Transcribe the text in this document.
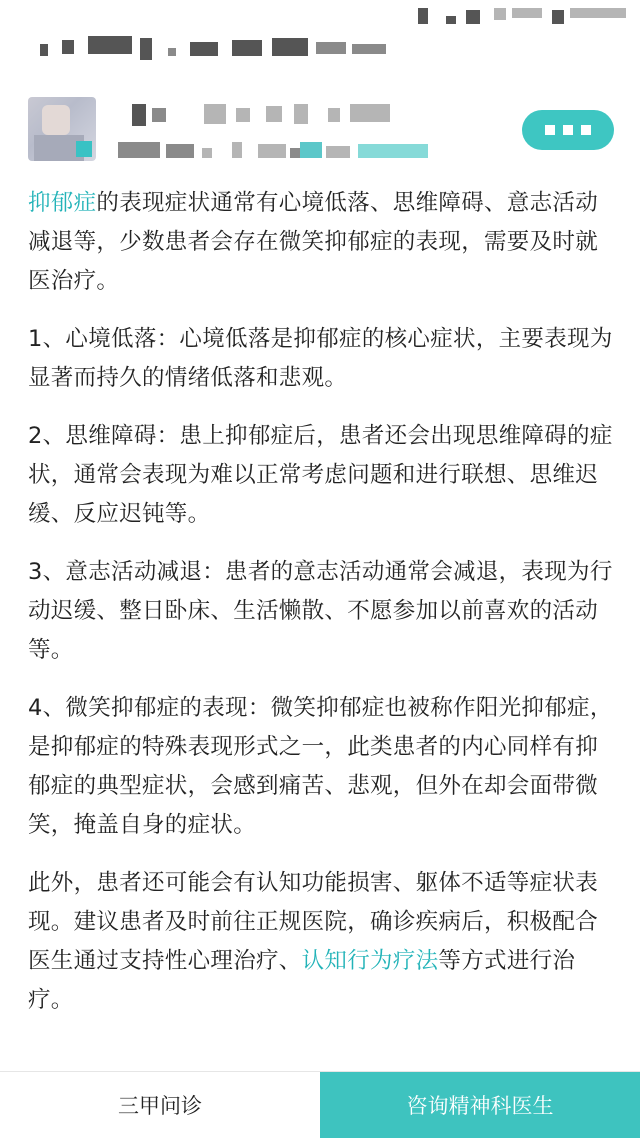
抑郁症的表现症状通常有心境低落、思维障碍、意志活动减退等，少数患者会存在微笑抑郁症的表现，需要及时就医治疗。

1、心境低落：心境低落是抑郁症的核心症状，主要表现为显著而持久的情绪低落和悲观。

2、思维障碍：患上抑郁症后，患者还会出现思维障碍的症状，通常会表现为难以正常考虑问题和进行联想、思维迟缓、反应迟钝等。

3、意志活动减退：患者的意志活动通常会减退，表现为行动迟缓、整日卧床、生活懒散、不愿参加以前喜欢的活动等。

4、微笑抑郁症的表现：微笑抑郁症也被称作阳光抑郁症，是抑郁症的特殊表现形式之一，此类患者的内心同样有抑郁症的典型症状，会感到痛苦、悲观，但外在却会面带微笑，掩盖自身的症状。

此外，患者还可能会有认知功能损害、躯体不适等症状表现。建议患者及时前往正规医院，确诊疾病后，积极配合医生通过支持性心理治疗、认知行为疗法等方式进行治疗。

三甲问诊	咨询精神科医生
